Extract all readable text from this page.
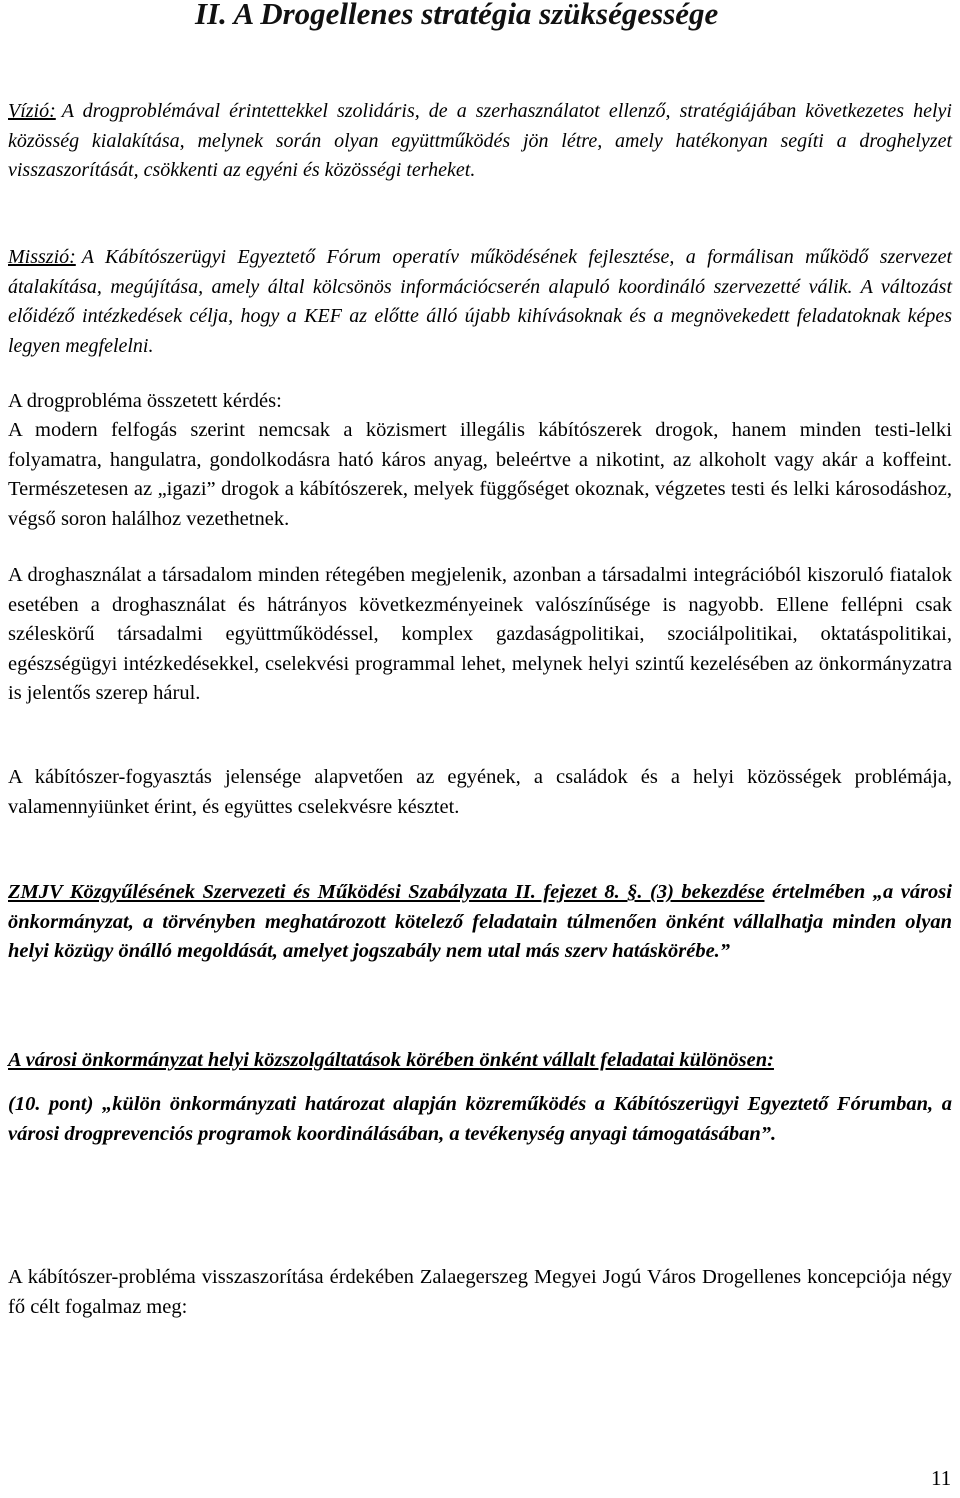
II. A Drogellenes stratégia szükségessége

Vízió: A drogproblémával érintettekkel szolidáris, de a szerhasználatot ellenző, stratégiájában következetes helyi közösség kialakítása, melynek során olyan együttműködés jön létre, amely hatékonyan segíti a droghelyzet visszaszorítását, csökkenti az egyéni és közösségi terheket.

Misszió: A Kábítószerügyi Egyeztető Fórum operatív működésének fejlesztése, a formálisan működő szervezet átalakítása, megújítása, amely által kölcsönös információcserén alapuló koordináló szervezetté válik. A változást előidéző intézkedések célja, hogy a KEF az előtte álló újabb kihívásoknak és a megnövekedett feladatoknak képes legyen megfelelni.

A drogprobléma összetett kérdés:

A modern felfogás szerint nemcsak a közismert illegális kábítószerek drogok, hanem minden testi-lelki folyamatra, hangulatra, gondolkodásra ható káros anyag, beleértve a nikotint, az alkoholt vagy akár a koffeint. Természetesen az „igazi” drogok a kábítószerek, melyek függőséget okoznak, végzetes testi és lelki károsodáshoz, végső soron halálhoz vezethetnek.

A droghasználat a társadalom minden rétegében megjelenik, azonban a társadalmi integrációból kiszoruló fiatalok esetében a droghasználat és hátrányos következményeinek valószínűsége is nagyobb. Ellene fellépni csak széleskörű társadalmi együttműködéssel, komplex gazdaságpolitikai, szociálpolitikai, oktatáspolitikai, egészségügyi intézkedésekkel, cselekvési programmal lehet, melynek helyi szintű kezelésében az önkormányzatra is jelentős szerep hárul.

A kábítószer-fogyasztás jelensége alapvetően az egyének, a családok és a helyi közösségek problémája, valamennyiünket érint, és együttes cselekvésre késztet.

ZMJV Közgyűlésének Szervezeti és Működési Szabályzata II. fejezet 8. §. (3) bekezdése értelmében „a városi önkormányzat, a törvényben meghatározott kötelező feladatain túlmenően önként vállalhatja minden olyan helyi közügy önálló megoldását, amelyet jogszabály nem utal más szerv hatáskörébe.”

A városi önkormányzat helyi közszolgáltatások körében önként vállalt feladatai különösen:

(10. pont) „külön önkormányzati határozat alapján közreműködés a Kábítószerügyi Egyeztető Fórumban, a városi drogprevenciós programok koordinálásában, a tevékenység anyagi támogatásában”.

A kábítószer-probléma visszaszorítása érdekében Zalaegerszeg Megyei Jogú Város Drogellenes koncepciója négy fő célt fogalmaz meg:

11
